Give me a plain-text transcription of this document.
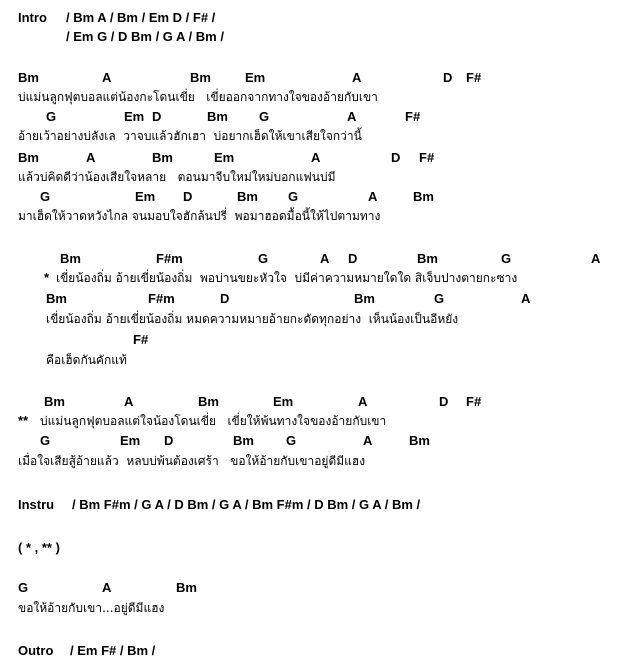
Intro / Bm A / Bm / Em D / F# /
/ Em G / D Bm / G A / Bm /
Bm	A	Bm	Em	A	D F#
บ่แม่นลูกฟุตบอลแต่น้องกะโดนเขี่ย   เขี่ยออกจากทางใจของอ้ายกับเขา
G	Em D	Bm G	A	F#
อ้ายเว้าอย่างบ่ลังเล  วาจบแล้วฮักเฮา  บ่อยากเฮ็ดให้เขาเสียใจกว่านี้
Bm	A	Bm	Em	A	D F#
แล้วบ่คิดดีว่าน้องเสียใจหลาย   ตอนมาจีบใหม่ใหม่บอกแฟนบ่มี
G	Em D	Bm G	A	Bm
มาเฮ็ดให้วาดหวังไกล จนมอบใจฮักล้นปรี่  พอมาฮอดมื้อนี้ให้ไปตามทาง
Bm	F#m	G	A D	Bm	G	A
* เขี่ยน้องถิ่ม อ้ายเขี่ยน้องถิ่ม  พอบ่านขยะหัวใจ  บ่มีค่าความหมายใดใด สิเจ็บปางตายกะซาง
Bm	F#m	D	Bm	G	A
เขี่ยน้องถิ่ม อ้ายเขี่ยน้องถิ่ม หมดความหมายอ้ายกะดัดทุกอย่าง  เห็นน้องเป็นอีหยัง
F#
คือเฮ็ดกันคักแท้
Bm	A	Bm	Em	A	D F#
** บ่แม่นลูกฟุตบอลแต่ใจน้องโดนเขี่ย   เขี่ยให้พ้นทางใจของอ้ายกับเขา
G	Em D	Bm G	A	Bm
เมื่อใจเสียสู้อ้ายแล้ว  หลบบ่พ้นต้องเศร้า   ขอให้อ้ายกับเขาอยู่ดีมีแฮง
Instru / Bm F#m / G A / D Bm / G A / Bm F#m / D Bm / G A / Bm /
( * , ** )
G	A	Bm
ขอให้อ้ายกับเขา...อยู่ดีมีแฮง
Outro / Em F# / Bm /
